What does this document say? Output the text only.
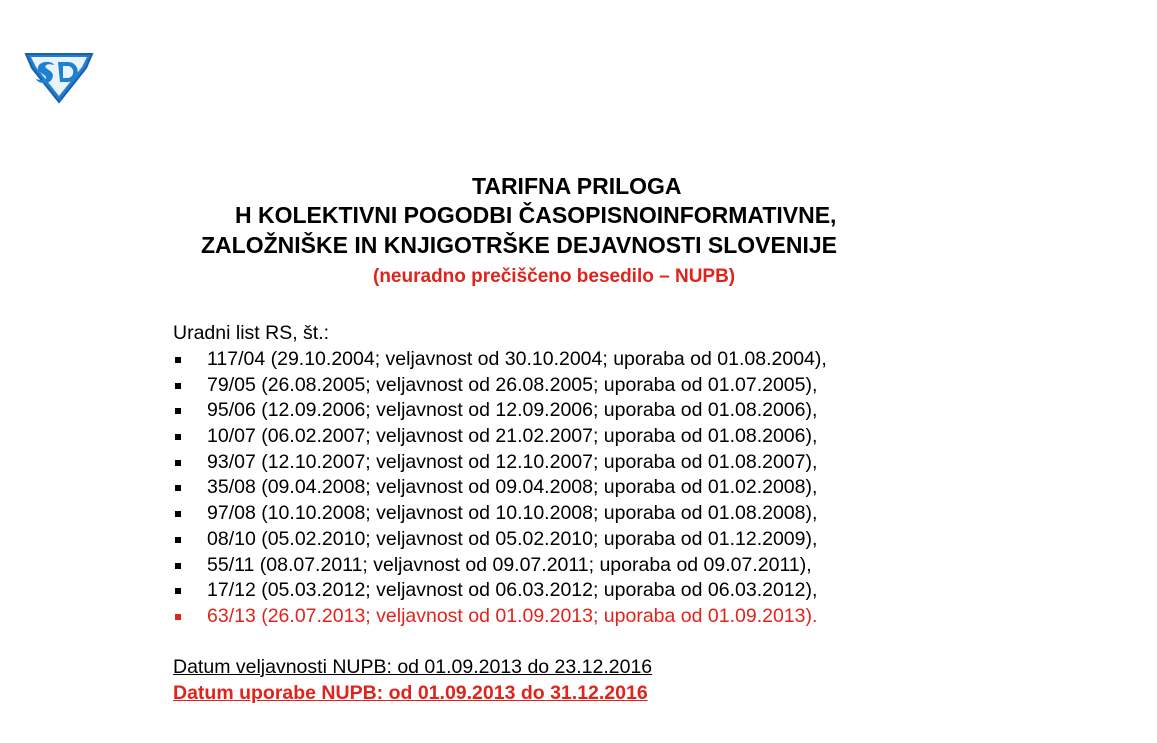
TARIFNA PRILOGA
H KOLEKTIVNI POGODBI ČASOPISNOINFORMATIVNE,
ZALOŽNIŠKE IN KNJIGOTRŠKE DEJAVNOSTI SLOVENIJE
(neuradno prečiščeno besedilo – NUPB)
Uradni list RS, št.:
117/04 (29.10.2004; veljavnost od 30.10.2004; uporaba od 01.08.2004),
79/05 (26.08.2005; veljavnost od 26.08.2005; uporaba od 01.07.2005),
95/06 (12.09.2006; veljavnost od 12.09.2006; uporaba od 01.08.2006),
10/07 (06.02.2007; veljavnost od 21.02.2007; uporaba od 01.08.2006),
93/07 (12.10.2007; veljavnost od 12.10.2007; uporaba od 01.08.2007),
35/08 (09.04.2008; veljavnost od 09.04.2008; uporaba od 01.02.2008),
97/08 (10.10.2008; veljavnost od 10.10.2008; uporaba od 01.08.2008),
08/10 (05.02.2010; veljavnost od 05.02.2010; uporaba od 01.12.2009),
55/11 (08.07.2011; veljavnost od 09.07.2011; uporaba od 09.07.2011),
17/12 (05.03.2012; veljavnost od 06.03.2012; uporaba od 06.03.2012),
63/13 (26.07.2013; veljavnost od 01.09.2013; uporaba od 01.09.2013).
Datum veljavnosti NUPB: od 01.09.2013 do 23.12.2016
Datum uporabe NUPB: od 01.09.2013 do 31.12.2016
